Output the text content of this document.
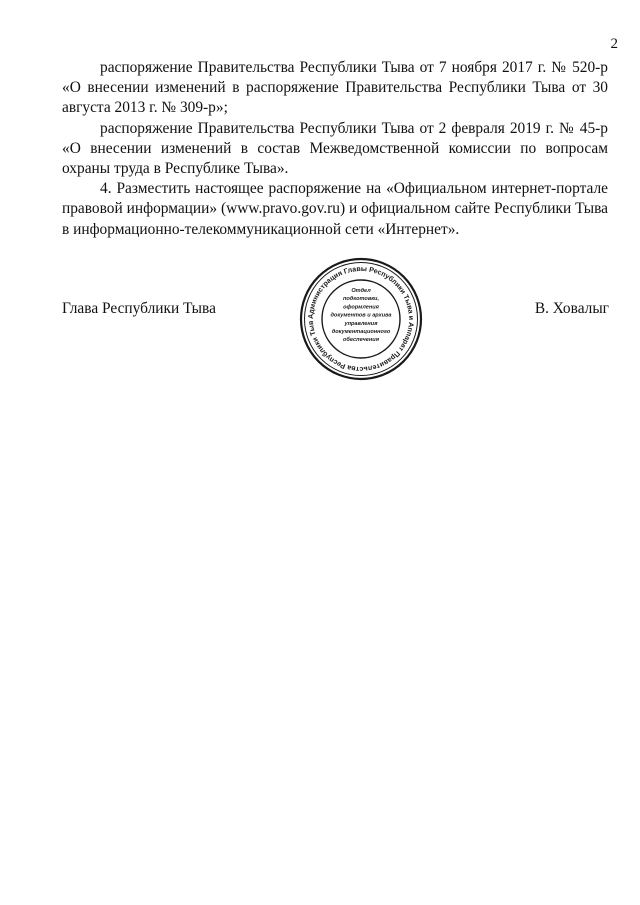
2

распоряжение Правительства Республики Тыва от 7 ноября 2017 г. № 520-р «О внесении изменений в распоряжение Правительства Республики Тыва от 30 августа 2013 г. № 309-р»;

распоряжение Правительства Республики Тыва от 2 февраля 2019 г. № 45-р «О внесении изменений в состав Межведомственной комиссии по вопросам охраны труда в Республике Тыва».

4. Разместить настоящее распоряжение на «Официальном интернет-портале правовой информации» (www.pravo.gov.ru) и официальном сайте Республики Тыва в информационно-телекоммуникационной сети «Интернет».

Глава Республики Тыва	Администрация Главы Республики Тыва и Аппарат Правительства Республики Тыв
Отдел
подготовки,
оформления
документов и архива
управления
документационного
обеспечения
В. Ховалыг
